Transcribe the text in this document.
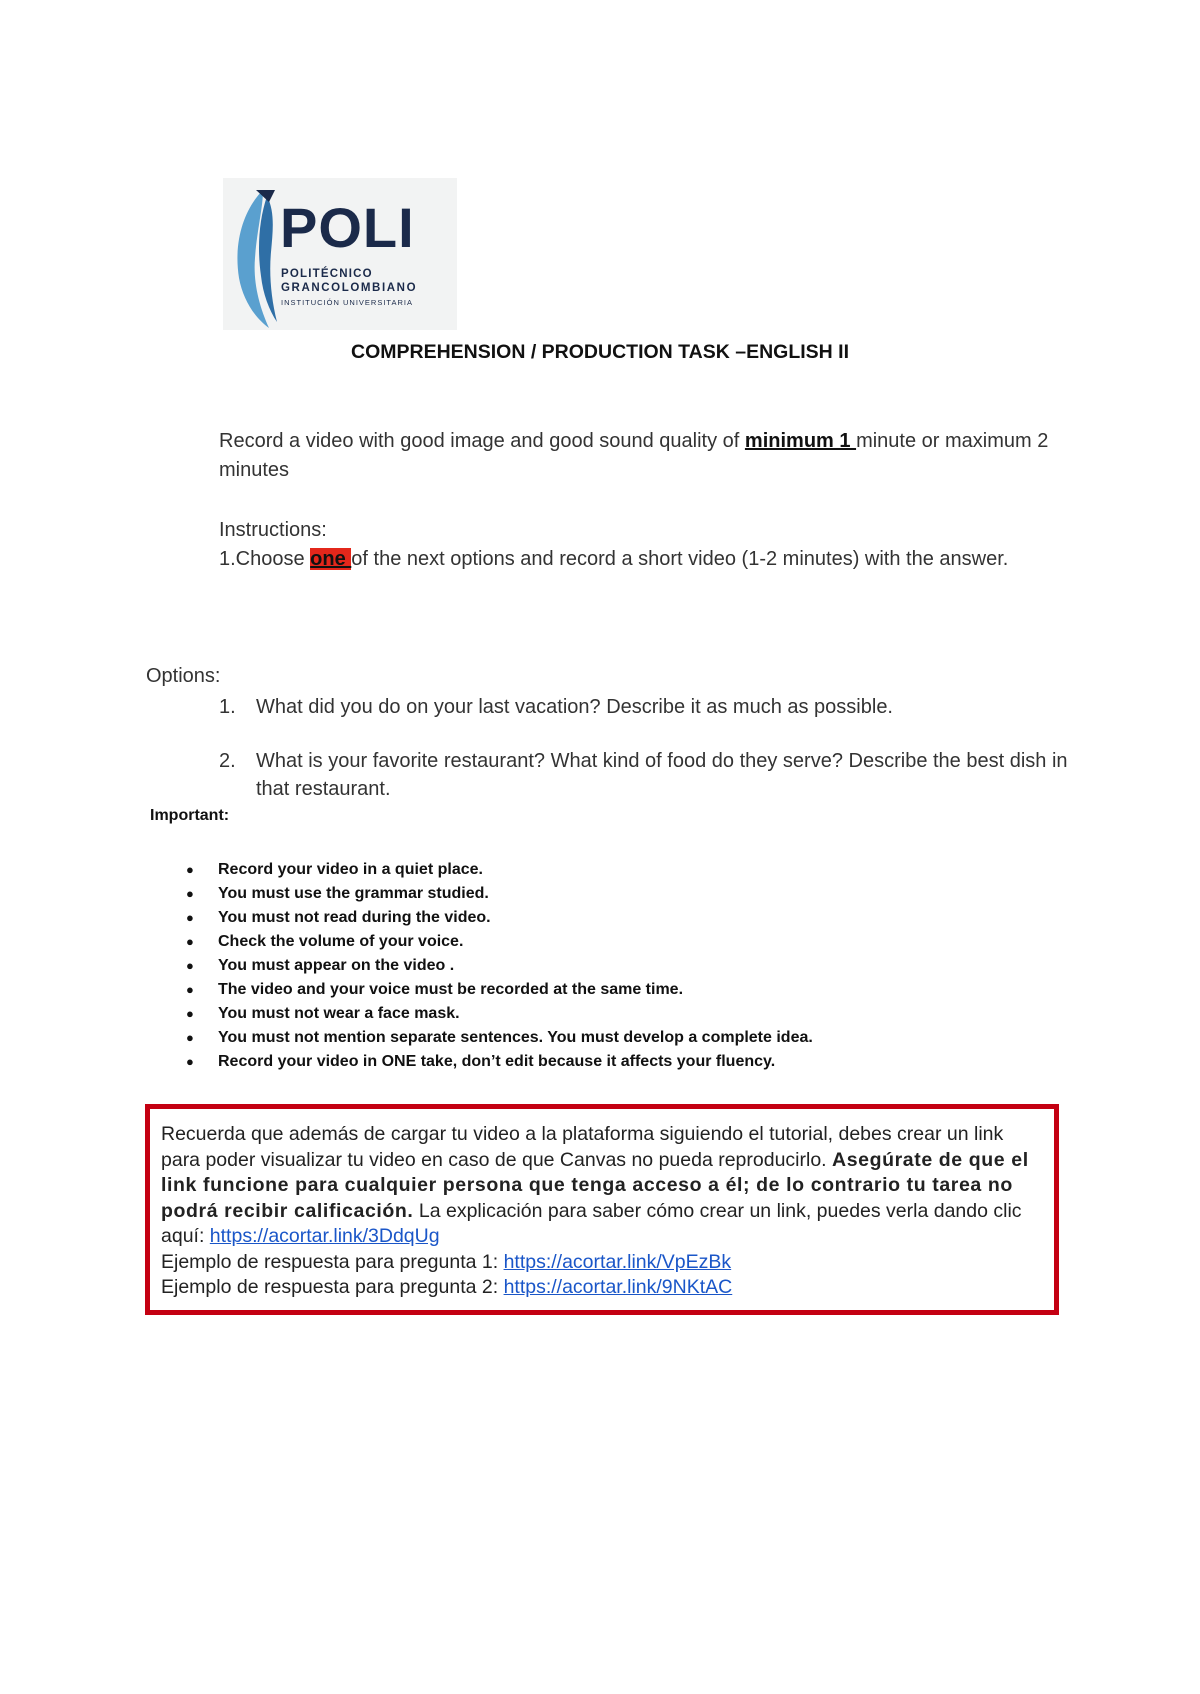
POLI
POLITÉCNICO
GRANCOLOMBIANO
INSTITUCIÓN UNIVERSITARIA
COMPREHENSION / PRODUCTION TASK –ENGLISH II
Record a video with good image and good sound quality of minimum 1 minute or maximum 2 minutes
Instructions:
1.Choose one of the next options and record a short video (1-2 minutes) with the answer.
Options:
1. What did you do on your last vacation? Describe it as much as possible.
2. What is your favorite restaurant? What kind of food do they serve? Describe the best dish in that restaurant.
Important:
● Record your video in a quiet place.
● You must use the grammar studied.
● You must not read during the video.
● Check the volume of your voice.
● You must appear on the video .
● The video and your voice must be recorded at the same time.
● You must not wear a face mask.
● You must not mention separate sentences. You must develop a complete idea.
● Record your video in ONE take, don’t edit because it affects your fluency.
Recuerda que además de cargar tu video a la plataforma siguiendo el tutorial, debes crear un link para poder visualizar tu video en caso de que Canvas no pueda reproducirlo. Asegúrate de que el link funcione para cualquier persona que tenga acceso a él; de lo contrario tu tarea no podrá recibir calificación. La explicación para saber cómo crear un link, puedes verla dando clic aquí: https://acortar.link/3DdqUg
Ejemplo de respuesta para pregunta 1: https://acortar.link/VpEzBk
Ejemplo de respuesta para pregunta 2: https://acortar.link/9NKtAC
